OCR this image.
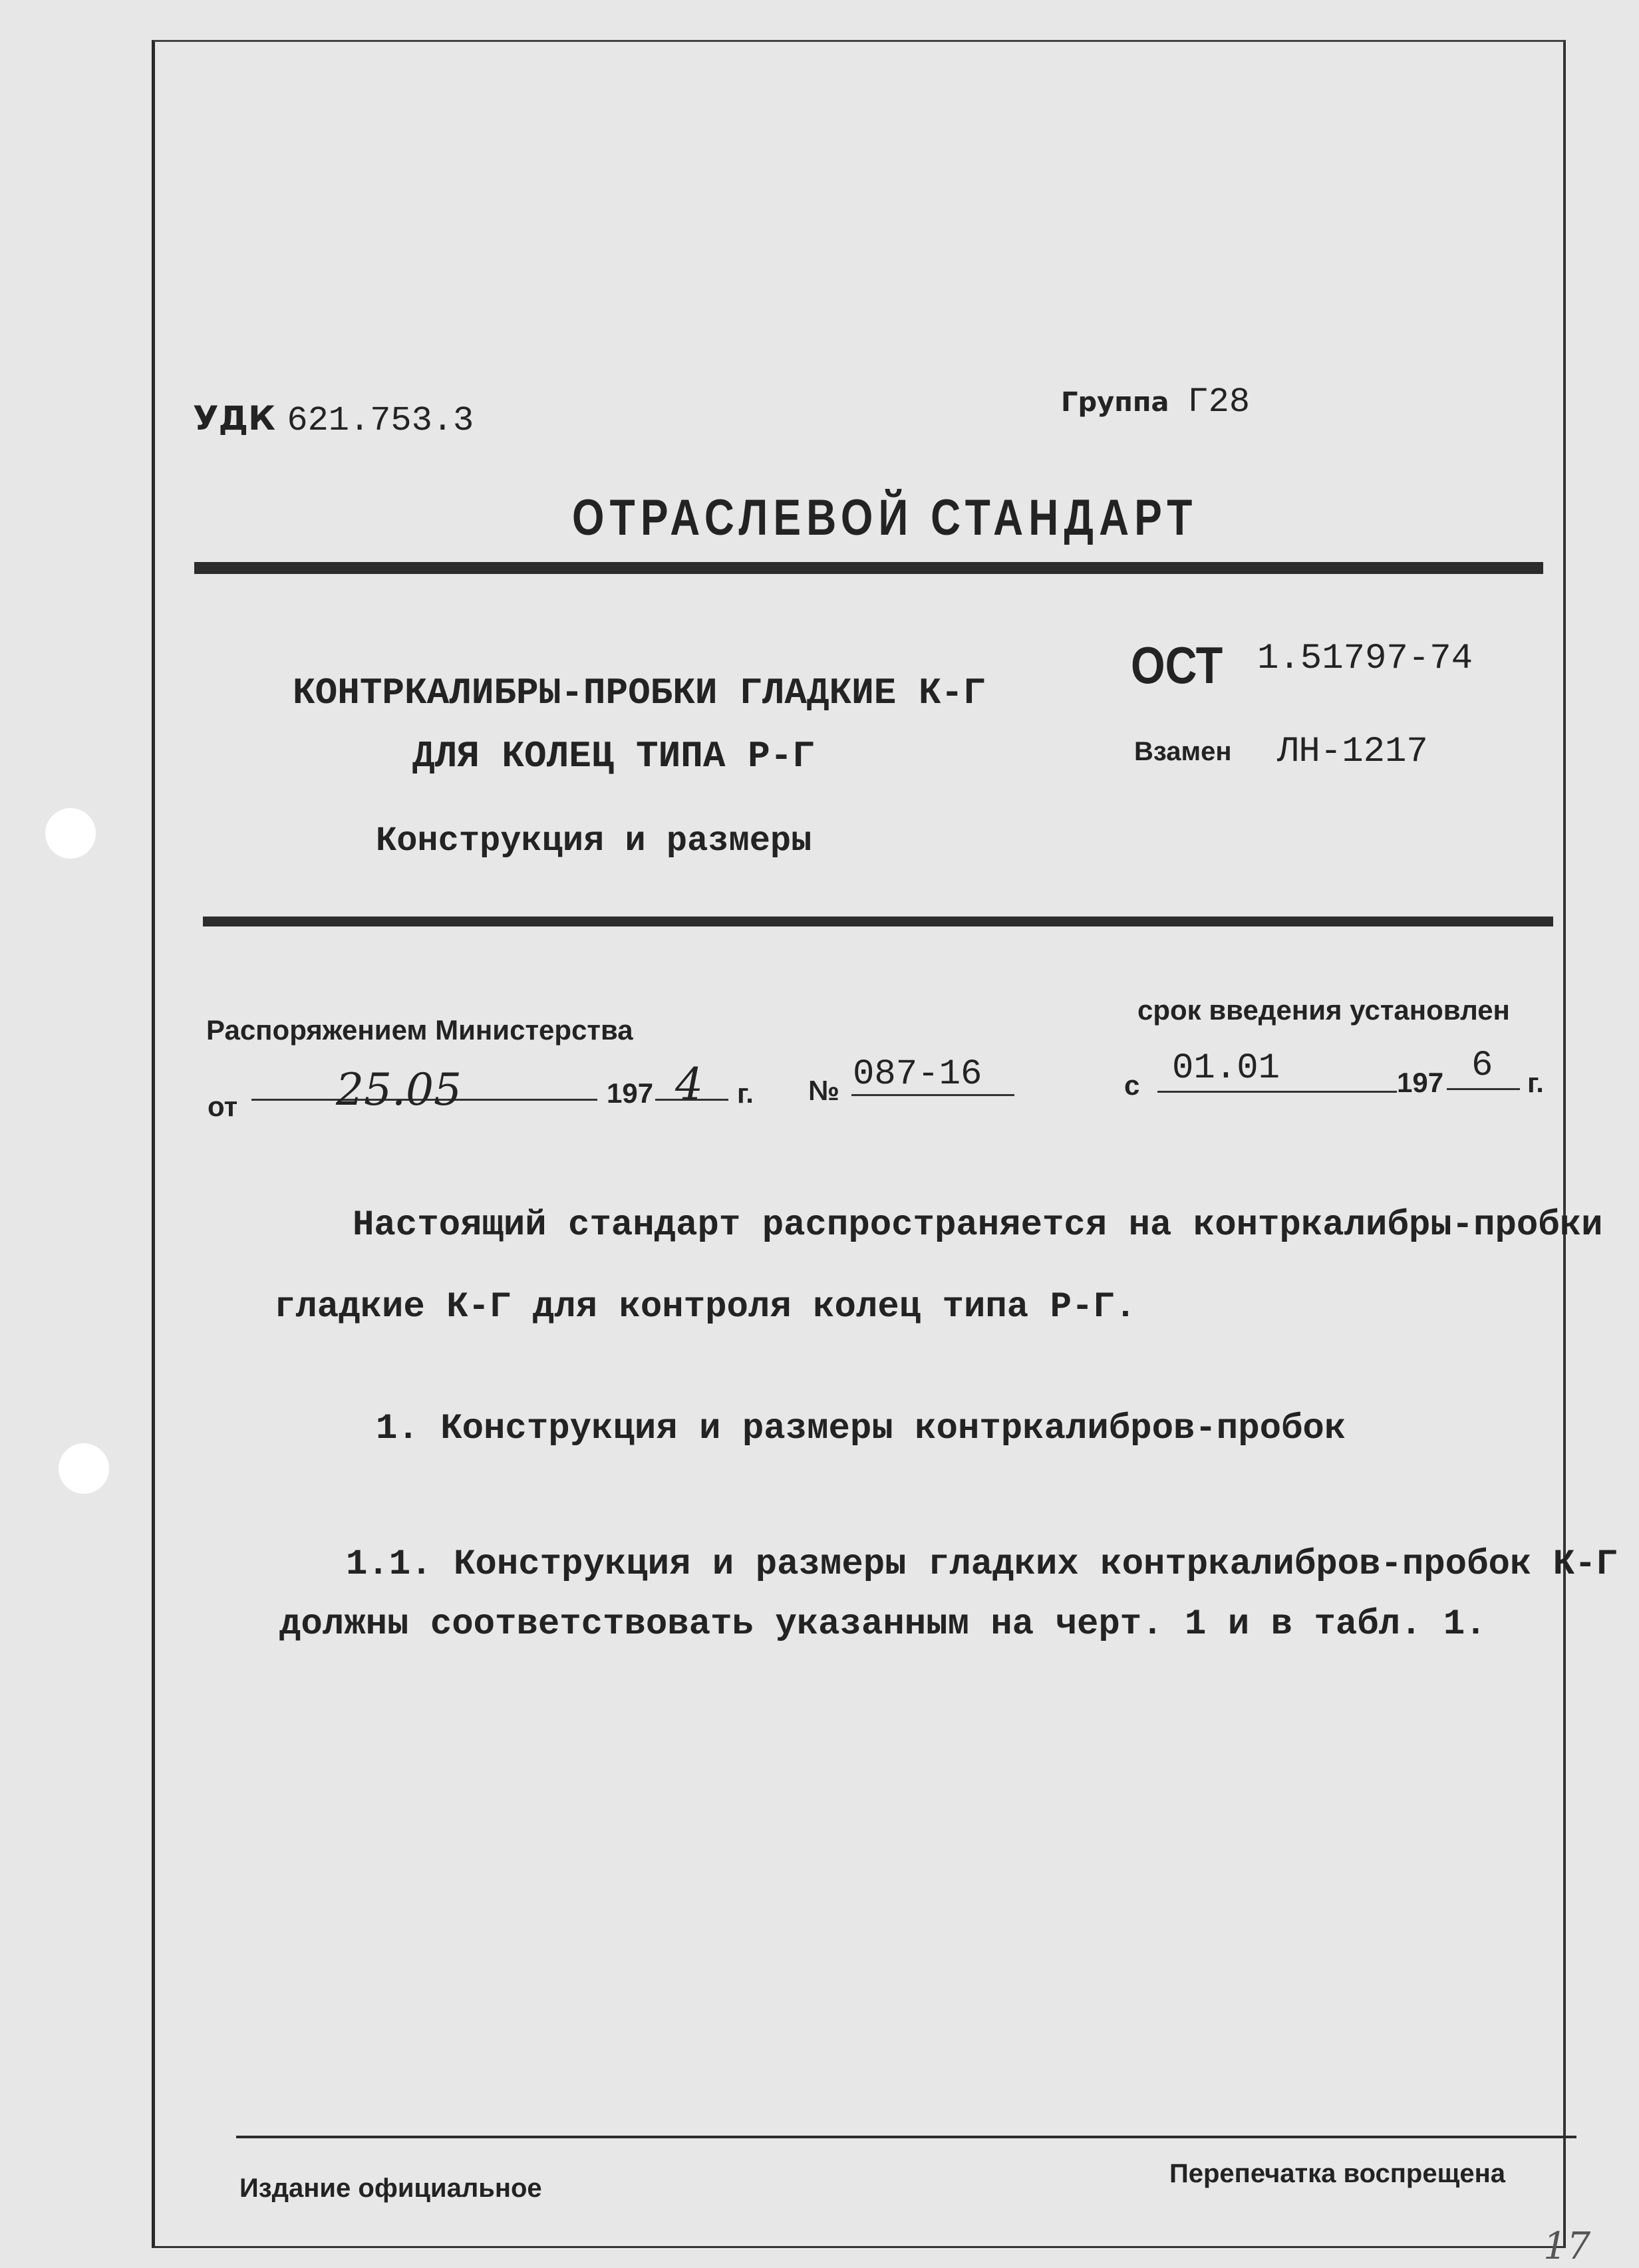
УДК 621.753.3	Группа Г28
ОТРАСЛЕВОЙ СТАНДАРТ
КОНТРКАЛИБРЫ-ПРОБКИ ГЛАДКИЕ К-Г
ДЛЯ КОЛЕЦ ТИПА Р-Г
Конструкция и размеры
ОСТ 1.51797-74
Взамен ЛН-1217
Распоряжением Министерства
от 25.05	197 4 г. № 087-16
срок введения установлен
с 01.01	197 6 г.
Настоящий стандарт распространяется на контркалибры-пробки
гладкие К-Г для контроля колец типа Р-Г.
1. Конструкция и размеры контркалибров-пробок
1.1. Конструкция и размеры гладких контркалибров-пробок К-Г
должны соответствовать указанным на черт. 1 и в табл. 1.
Издание официальное	Перепечатка воспрещена
17
